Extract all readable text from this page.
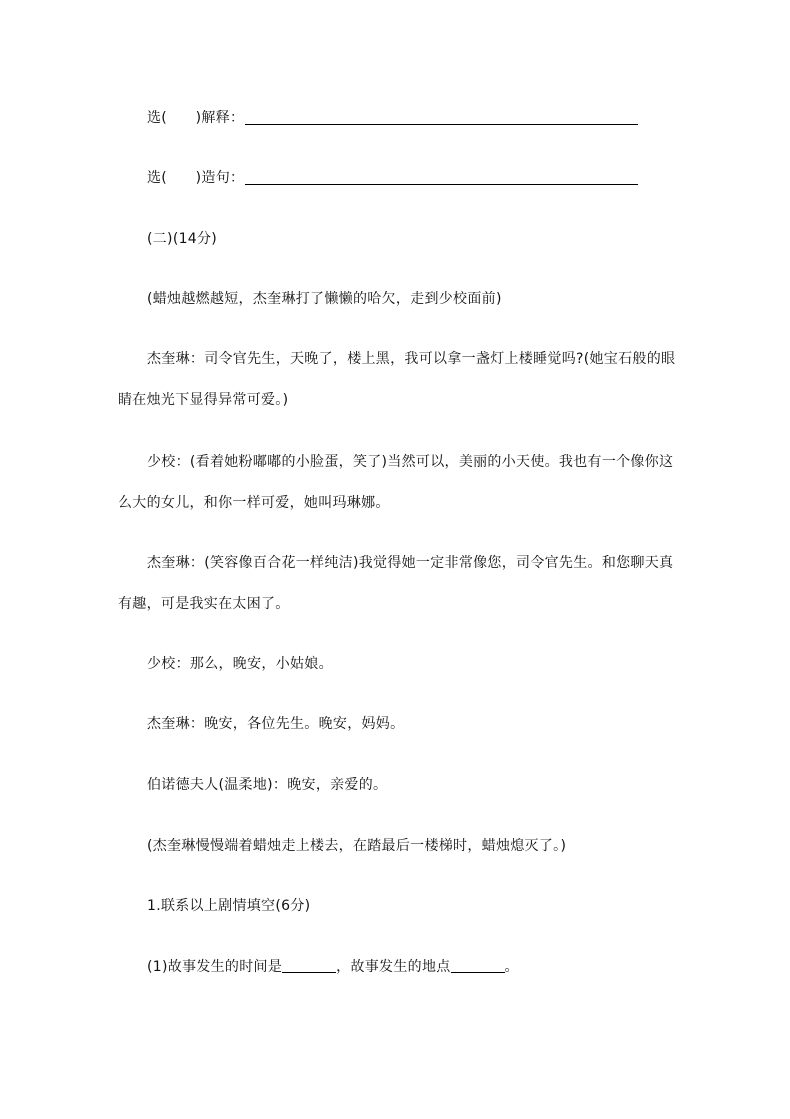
选(　　)解释：
选(　　)造句：
(二)(14分)
(蜡烛越燃越短，杰奎琳打了懒懒的哈欠，走到少校面前)
杰奎琳：司令官先生，天晚了，楼上黑，我可以拿一盏灯上楼睡觉吗?(她宝石般的眼
睛在烛光下显得异常可爱。)
少校：(看着她粉嘟嘟的小脸蛋，笑了)当然可以，美丽的小天使。我也有一个像你这
么大的女儿，和你一样可爱，她叫玛琳娜。
杰奎琳：(笑容像百合花一样纯洁)我觉得她一定非常像您，司令官先生。和您聊天真
有趣，可是我实在太困了。
少校：那么，晚安，小姑娘。
杰奎琳：晚安，各位先生。晚安，妈妈。
伯诺德夫人(温柔地)：晚安，亲爱的。
(杰奎琳慢慢端着蜡烛走上楼去，在踏最后一楼梯时，蜡烛熄灭了。)
1.联系以上剧情填空(6分)
(1)故事发生的时间是	，故事发生的地点	。
